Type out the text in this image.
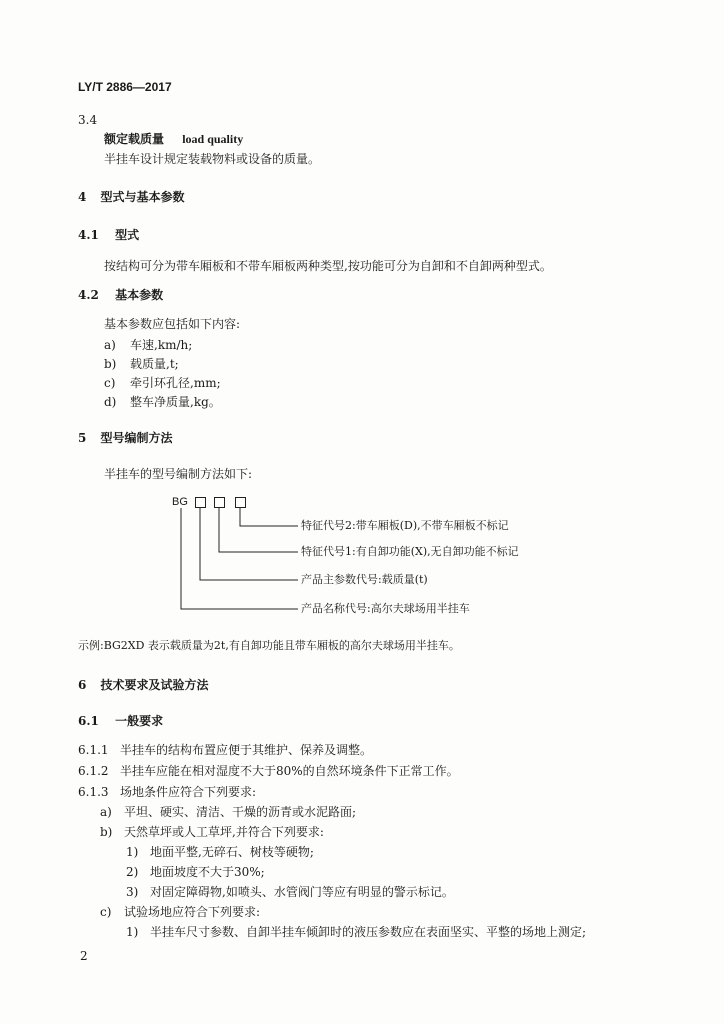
LY/T 2886—2017
3.4
额定载质量 load quality
半挂车设计规定装载物料或设备的质量。
4 型式与基本参数
4.1 型式
按结构可分为带车厢板和不带车厢板两种类型,按功能可分为自卸和不自卸两种型式。
4.2 基本参数
基本参数应包括如下内容:
a) 车速,km/h;
b) 载质量,t;
c) 牵引环孔径,mm;
d) 整车净质量,kg。
5 型号编制方法
半挂车的型号编制方法如下:
BG
特征代号2:带车厢板(D),不带车厢板不标记
特征代号1:有自卸功能(X),无自卸功能不标记
产品主参数代号:载质量(t)
产品名称代号:高尔夫球场用半挂车
示例:BG2XD 表示载质量为2t,有自卸功能且带车厢板的高尔夫球场用半挂车。
6 技术要求及试验方法
6.1 一般要求
6.1.1 半挂车的结构布置应便于其维护、保养及调整。
6.1.2 半挂车应能在相对湿度不大于80%的自然环境条件下正常工作。
6.1.3 场地条件应符合下列要求:
a) 平坦、硬实、清洁、干燥的沥青或水泥路面;
b) 天然草坪或人工草坪,并符合下列要求:
1) 地面平整,无碎石、树枝等硬物;
2) 地面坡度不大于30%;
3) 对固定障碍物,如喷头、水管阀门等应有明显的警示标记。
c) 试验场地应符合下列要求:
1) 半挂车尺寸参数、自卸半挂车倾卸时的液压参数应在表面坚实、平整的场地上测定;
2
